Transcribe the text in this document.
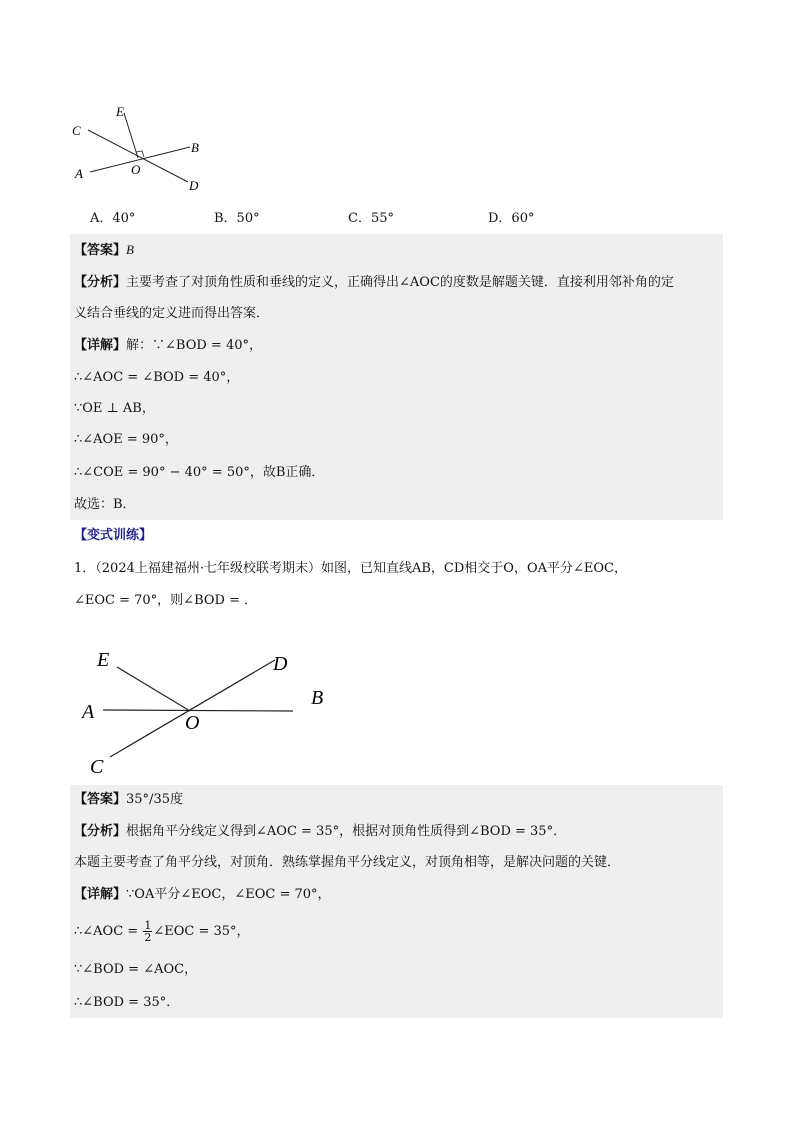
E
C
B
A	O
D
A．40°	B．50°	C．55°	D．60°
【答案】B
【分析】主要考查了对顶角性质和垂线的定义，正确得出∠AOC的度数是解题关键．直接利用邻补角的定
义结合垂线的定义进而得出答案．
【详解】解：∵∠BOD = 40°，
∴∠AOC = ∠BOD = 40°，
∵OE ⊥ AB，
∴∠AOE = 90°，
∴∠COE = 90° − 40° = 50°，故B正确．
故选：B．
【变式训练】
1．（2024上福建福州·七年级校联考期末）如图，已知直线AB，CD相交于O，OA平分∠EOC，
∠EOC = 70°，则∠BOD = ．
E	D
A	O
B
C
【答案】35°/35度
【分析】根据角平分线定义得到∠AOC = 35°，根据对顶角性质得到∠BOD = 35°．
本题主要考查了角平分线，对顶角．熟练掌握角平分线定义，对顶角相等，是解决问题的关键．
【详解】∵OA平分∠EOC，∠EOC = 70°，
∴∠AOC = $\frac{1}{2}$ ∠EOC = 35°，
∵∠BOD = ∠AOC，
∴∠BOD = 35°．
